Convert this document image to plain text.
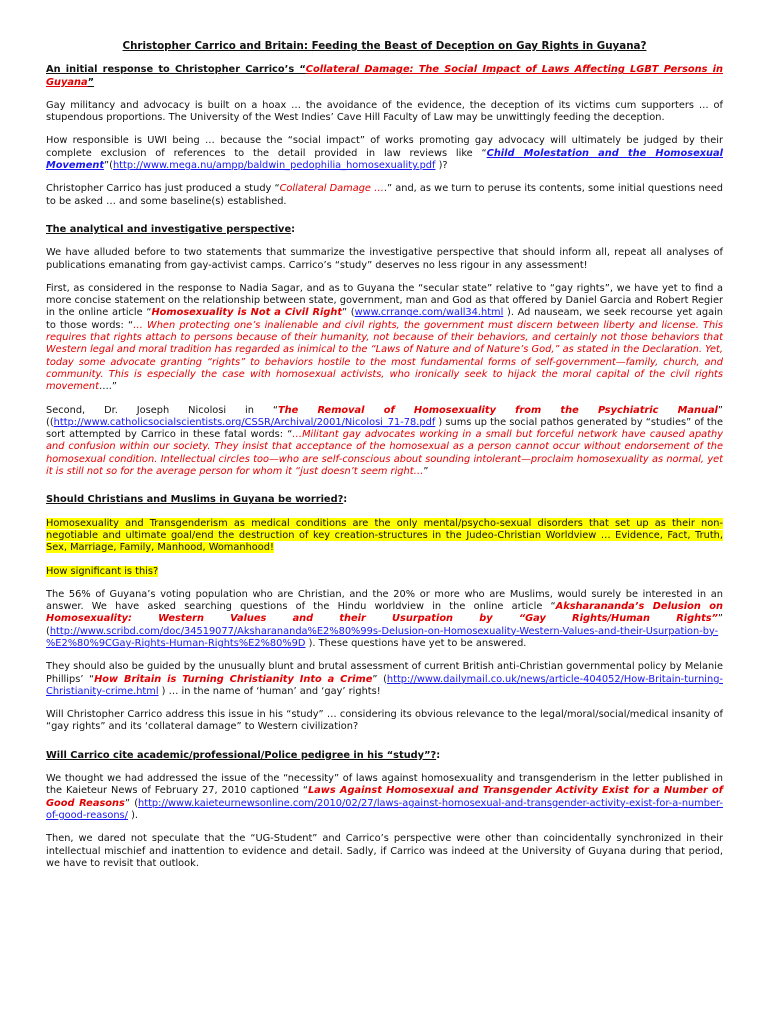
Christopher Carrico and Britain: Feeding the Beast of Deception on Gay Rights in Guyana?

An initial response to Christopher Carrico’s “Collateral Damage: The Social Impact of Laws Affecting LGBT Persons in Guyana”

Gay militancy and advocacy is built on a hoax … the avoidance of the evidence, the deception of its victims cum supporters … of stupendous proportions. The University of the West Indies’ Cave Hill Faculty of Law may be unwittingly feeding the deception.

How responsible is UWI being … because the “social impact” of works promoting gay advocacy will ultimately be judged by their complete exclusion of references to the detail provided in law reviews like “Child Molestation and the Homosexual Movement”(http://www.mega.nu/ampp/baldwin_pedophilia_homosexuality.pdf )?

Christopher Carrico has just produced a study “Collateral Damage ….” and, as we turn to peruse its contents, some initial questions need to be asked … and some baseline(s) established.

The analytical and investigative perspective:

We have alluded before to two statements that summarize the investigative perspective that should inform all, repeat all analyses of publications emanating from gay-activist camps. Carrico’s “study” deserves no less rigour in any assessment!

First, as considered in the response to Nadia Sagar, and as to Guyana the “secular state” relative to “gay rights”, we have yet to find a more concise statement on the relationship between state, government, man and God as that offered by Daniel Garcia and Robert Regier in the online article “Homosexuality is Not a Civil Right” (www.crrange.com/wall34.html ). Ad nauseam, we seek recourse yet again to those words: “… When protecting one’s inalienable and civil rights, the government must discern between liberty and license. This requires that rights attach to persons because of their humanity, not because of their behaviors, and certainly not those behaviors that Western legal and moral tradition has regarded as inimical to the “Laws of Nature and of Nature’s God,” as stated in the Declaration. Yet, today some advocate granting “rights” to behaviors hostile to the most fundamental forms of self-government—family, church, and community. This is especially the case with homosexual activists, who ironically seek to hijack the moral capital of the civil rights movement….”

Second, Dr. Joseph Nicolosi in “The Removal of Homosexuality from the Psychiatric Manual” ((http://www.catholicsocialscientists.org/CSSR/Archival/2001/Nicolosi_71-78.pdf ) sums up the social pathos generated by “studies” of the sort attempted by Carrico in these fatal words: “…Militant gay advocates working in a small but forceful network have caused apathy and confusion within our society. They insist that acceptance of the homosexual as a person cannot occur without endorsement of the homosexual condition. Intellectual circles too—who are self-conscious about sounding intolerant—proclaim homosexuality as normal, yet it is still not so for the average person for whom it “just doesn’t seem right…”

Should Christians and Muslims in Guyana be worried?:

Homosexuality and Transgenderism as medical conditions are the only mental/psycho-sexual disorders that set up as their non-negotiable and ultimate goal/end the destruction of key creation-structures in the Judeo-Christian Worldview … Evidence, Fact, Truth, Sex, Marriage, Family, Manhood, Womanhood!

How significant is this?

The 56% of Guyana’s voting population who are Christian, and the 20% or more who are Muslims, would surely be interested in an answer. We have asked searching questions of the Hindu worldview in the online article “Aksharananda’s Delusion on Homosexuality: Western Values and their Usurpation by “Gay Rights/Human Rights”” (http://www.scribd.com/doc/34519077/Aksharananda%E2%80%99s-Delusion-on-Homosexuality-Western-Values-and-their-Usurpation-by-%E2%80%9CGay-Rights-Human-Rights%E2%80%9D ). These questions have yet to be answered.

They should also be guided by the unusually blunt and brutal assessment of current British anti-Christian governmental policy by Melanie Phillips’ “How Britain is Turning Christianity Into a Crime” (http://www.dailymail.co.uk/news/article-404052/How-Britain-turning-Christianity-crime.html ) … in the name of ‘human’ and ‘gay’ rights!

Will Christopher Carrico address this issue in his “study” … considering its obvious relevance to the legal/moral/social/medical insanity of “gay rights” and its ‘collateral damage” to Western civilization?

Will Carrico cite academic/professional/Police pedigree in his “study”?:

We thought we had addressed the issue of the “necessity” of laws against homosexuality and transgenderism in the letter published in the Kaieteur News of February 27, 2010 captioned “Laws Against Homosexual and Transgender Activity Exist for a Number of Good Reasons” (http://www.kaieteurnewsonline.com/2010/02/27/laws-against-homosexual-and-transgender-activity-exist-for-a-number-of-good-reasons/ ).

Then, we dared not speculate that the “UG-Student” and Carrico’s perspective were other than coincidentally synchronized in their intellectual mischief and inattention to evidence and detail. Sadly, if Carrico was indeed at the University of Guyana during that period, we have to revisit that outlook.
